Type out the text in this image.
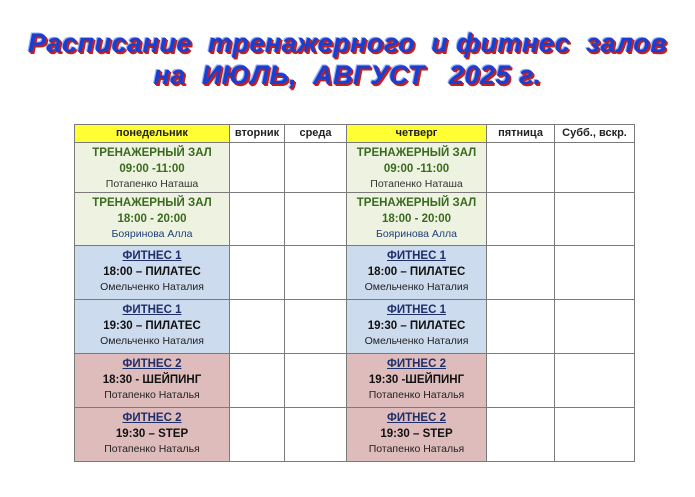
Расписание  тренажерного  и фитнес  залов
на  ИЮЛЬ,  АВГУСТ   2025 г.
понедельник	вторник	среда	четверг	пятница	Субб., вскр.

ТРЕНАЖЕРНЫЙ ЗАЛ
09:00 -11:00
Потапенко Наташа			ТРЕНАЖЕРНЫЙ ЗАЛ
09:00 -11:00
Потапенко Наташа		

ТРЕНАЖЕРНЫЙ ЗАЛ
18:00 - 20:00
Бояринова Алла			ТРЕНАЖЕРНЫЙ ЗАЛ
18:00 - 20:00
Бояринова Алла		

ФИТНЕС 1
18:00 – ПИЛАТЕС
Омельченко Наталия			ФИТНЕС 1
18:00 – ПИЛАТЕС
Омельченко Наталия		

ФИТНЕС 1
19:30 – ПИЛАТЕС
Омельченко Наталия			ФИТНЕС 1
19:30 – ПИЛАТЕС
Омельченко Наталия		

ФИТНЕС 2
18:30 - ШЕЙПИНГ
Потапенко Наталья			ФИТНЕС 2
19:30 -ШЕЙПИНГ
Потапенко Наталья		

ФИТНЕС 2
19:30 – STEP
Потапенко Наталья			ФИТНЕС 2
19:30 – STEP
Потапенко Наталья		
